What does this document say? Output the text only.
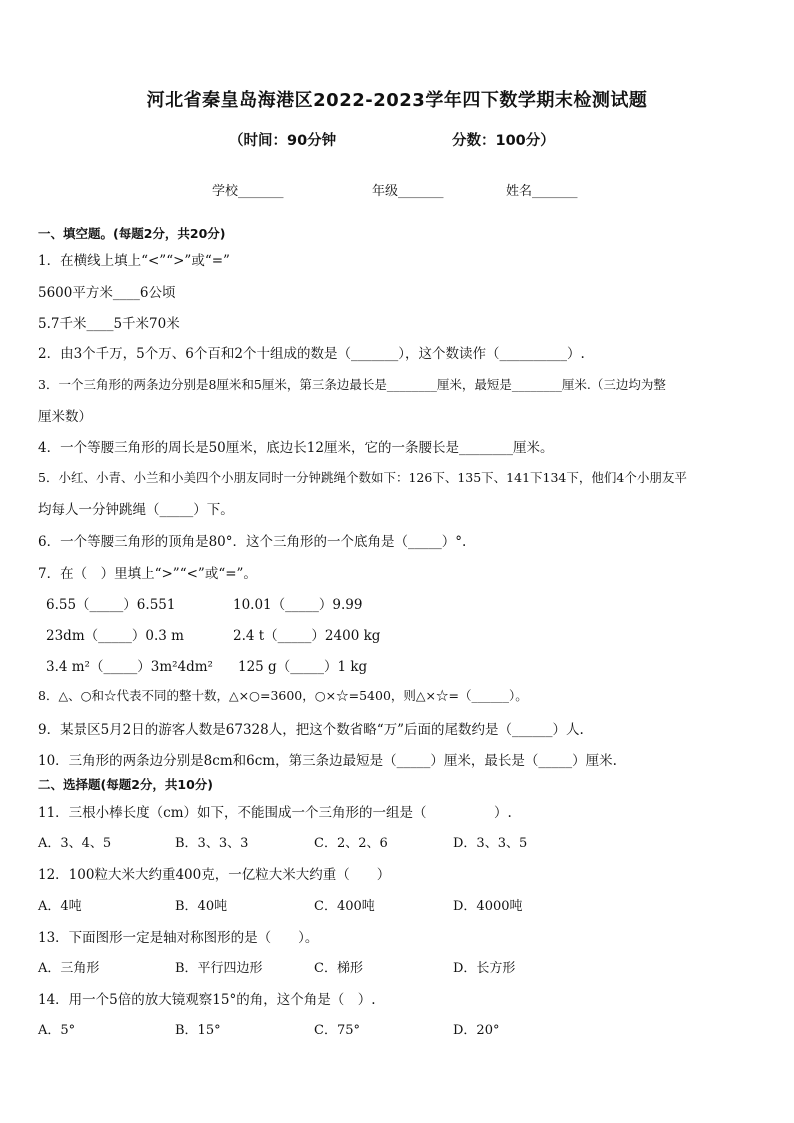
河北省秦皇岛海港区2022-2023学年四下数学期末检测试题
（时间：90分钟	分数：100分）
学校_______	年级_______	姓名_______
一、填空题。(每题2分，共20分)
1．在横线上填上“<”“>”或“=”
5600平方米____6公顷
5.7千米____5千米70米
2．由3个千万，5个万、6个百和2个十组成的数是（_______），这个数读作（__________）.
3．一个三角形的两条边分别是8厘米和5厘米，第三条边最长是________厘米，最短是________厘米.（三边均为整
厘米数）
4．一个等腰三角形的周长是50厘米，底边长12厘米，它的一条腰长是________厘米。
5．小红、小青、小兰和小美四个小朋友同时一分钟跳绳个数如下：126下、135下、141下134下，他们4个小朋友平
均每人一分钟跳绳（_____）下。
6．一个等腰三角形的顶角是80°．这个三角形的一个底角是（_____）°.
7．在（　）里填上“>”“<”或“=”。
6.55（_____）6.551	10.01（_____）9.99
23dm（_____）0.3 m	2.4 t（_____）2400 kg
3.4 m²（_____）3m²4dm² 125 g（_____）1 kg
8．△、○和☆代表不同的整十数，△×○=3600，○×☆=5400，则△×☆=（______）。
9．某景区5月2日的游客人数是67328人，把这个数省略“万”后面的尾数约是（______）人.
10．三角形的两条边分别是8cm和6cm，第三条边最短是（_____）厘米，最长是（_____）厘米.
二、选择题(每题2分，共10分)
11．三根小棒长度（cm）如下，不能围成一个三角形的一组是（　　　　　）.
A．3、4、5	B．3、3、3	C．2、2、6	D．3、3、5
12．100粒大米大约重400克，一亿粒大米大约重（　　）
A．4吨	B．40吨	C．400吨	D．4000吨
13．下面图形一定是轴对称图形的是（　　）。
A．三角形	B．平行四边形	C．梯形	D．长方形
14．用一个5倍的放大镜观察15°的角，这个角是（　）.
A．5°	B．15°	C．75°	D．20°
